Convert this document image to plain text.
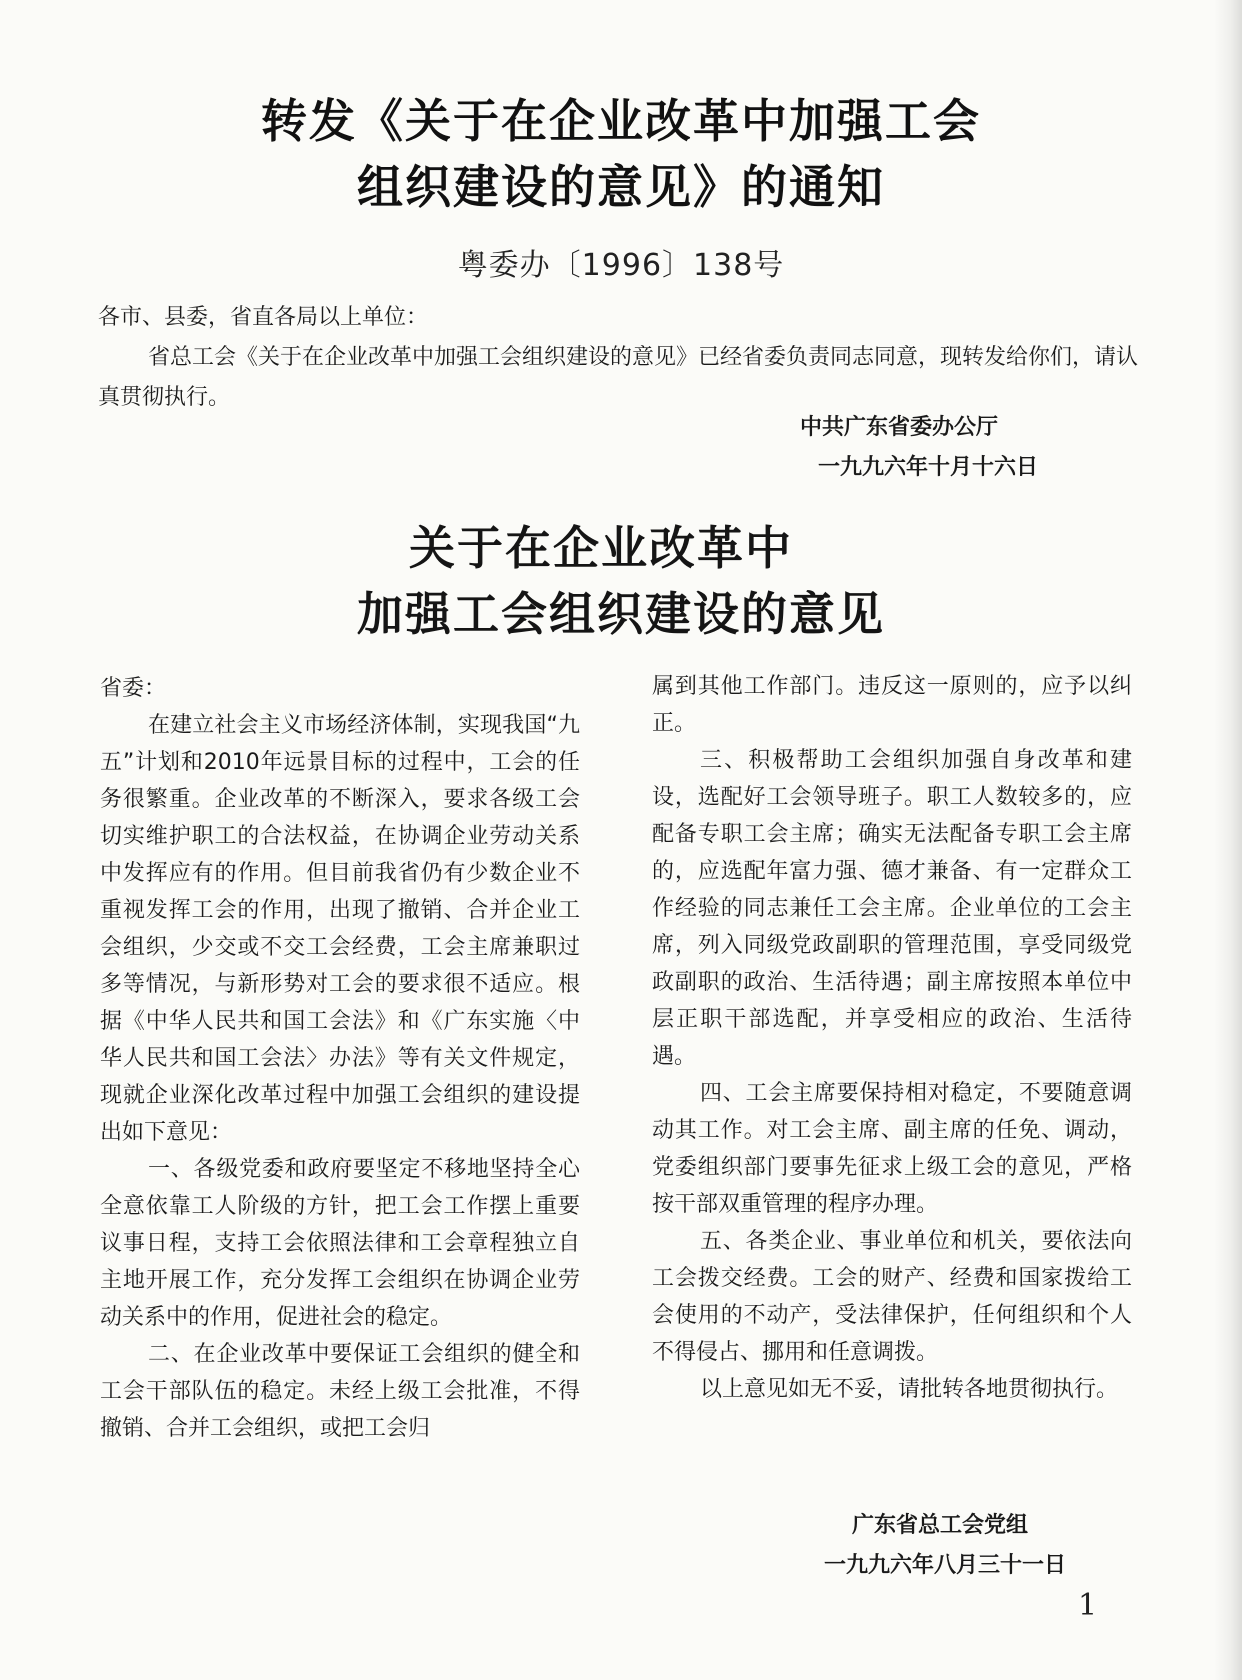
转发《关于在企业改革中加强工会
组织建设的意见》的通知
粤委办〔1996〕138号
各市、县委，省直各局以上单位：
省总工会《关于在企业改革中加强工会组织建设的意见》已经省委负责同志同意，现转发给你们，请认真贯彻执行。
中共广东省委办公厅
一九九六年十月十六日
关于在企业改革中
加强工会组织建设的意见

省委：

在建立社会主义市场经济体制，实现我国“九五”计划和2010年远景目标的过程中，工会的任务很繁重。企业改革的不断深入，要求各级工会切实维护职工的合法权益，在协调企业劳动关系中发挥应有的作用。但目前我省仍有少数企业不重视发挥工会的作用，出现了撤销、合并企业工会组织，少交或不交工会经费，工会主席兼职过多等情况，与新形势对工会的要求很不适应。根据《中华人民共和国工会法》和《广东实施〈中华人民共和国工会法〉办法》等有关文件规定，现就企业深化改革过程中加强工会组织的建设提出如下意见：

一、各级党委和政府要坚定不移地坚持全心全意依靠工人阶级的方针，把工会工作摆上重要议事日程，支持工会依照法律和工会章程独立自主地开展工作，充分发挥工会组织在协调企业劳动关系中的作用，促进社会的稳定。

二、在企业改革中要保证工会组织的健全和工会干部队伍的稳定。未经上级工会批准，不得撤销、合并工会组织，或把工会归

属到其他工作部门。违反这一原则的，应予以纠正。

三、积极帮助工会组织加强自身改革和建设，选配好工会领导班子。职工人数较多的，应配备专职工会主席；确实无法配备专职工会主席的，应选配年富力强、德才兼备、有一定群众工作经验的同志兼任工会主席。企业单位的工会主席，列入同级党政副职的管理范围，享受同级党政副职的政治、生活待遇；副主席按照本单位中层正职干部选配，并享受相应的政治、生活待遇。

四、工会主席要保持相对稳定，不要随意调动其工作。对工会主席、副主席的任免、调动，党委组织部门要事先征求上级工会的意见，严格按干部双重管理的程序办理。

五、各类企业、事业单位和机关，要依法向工会拨交经费。工会的财产、经费和国家拨给工会使用的不动产，受法律保护，任何组织和个人不得侵占、挪用和任意调拨。

以上意见如无不妥，请批转各地贯彻执行。

广东省总工会党组
一九九六年八月三十一日
1
